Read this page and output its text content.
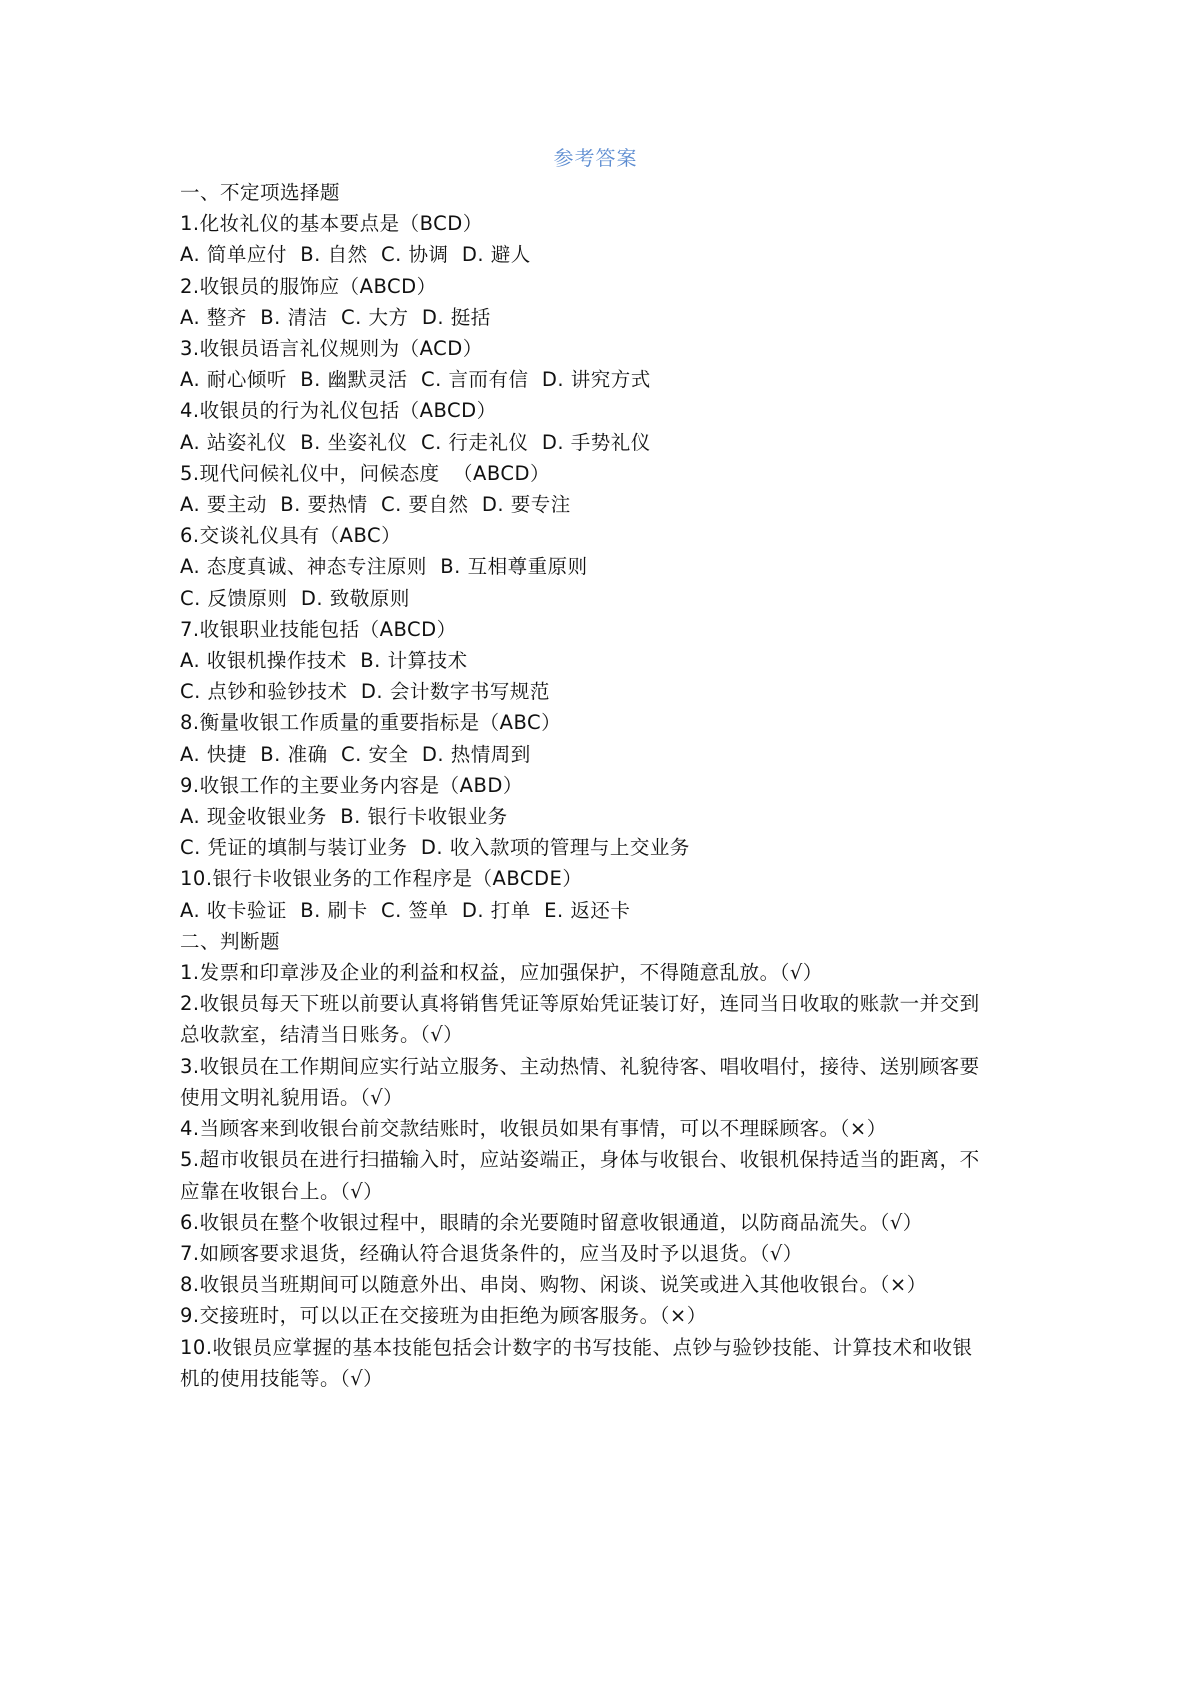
参考答案
一、不定项选择题
1.化妆礼仪的基本要点是（BCD）
A. 简单应付  B. 自然  C. 协调  D. 避人
2.收银员的服饰应（ABCD）
A. 整齐  B. 清洁  C. 大方  D. 挺括
3.收银员语言礼仪规则为（ACD）
A. 耐心倾听  B. 幽默灵活  C. 言而有信  D. 讲究方式
4.收银员的行为礼仪包括（ABCD）
A. 站姿礼仪  B. 坐姿礼仪  C. 行走礼仪  D. 手势礼仪
5.现代问候礼仪中，问候态度  （ABCD）
A. 要主动  B. 要热情  C. 要自然  D. 要专注
6.交谈礼仪具有（ABC）
A. 态度真诚、神态专注原则  B. 互相尊重原则
C. 反馈原则  D. 致敬原则
7.收银职业技能包括（ABCD）
A. 收银机操作技术  B. 计算技术
C. 点钞和验钞技术  D. 会计数字书写规范
8.衡量收银工作质量的重要指标是（ABC）
A. 快捷  B. 准确  C. 安全  D. 热情周到
9.收银工作的主要业务内容是（ABD）
A. 现金收银业务  B. 银行卡收银业务
C. 凭证的填制与装订业务  D. 收入款项的管理与上交业务
10.银行卡收银业务的工作程序是（ABCDE）
A. 收卡验证  B. 刷卡  C. 签单  D. 打单  E. 返还卡
二、判断题
1.发票和印章涉及企业的利益和权益，应加强保护，不得随意乱放。（√）
2.收银员每天下班以前要认真将销售凭证等原始凭证装订好，连同当日收取的账款一并交到
总收款室，结清当日账务。（√）
3.收银员在工作期间应实行站立服务、主动热情、礼貌待客、唱收唱付，接待、送别顾客要
使用文明礼貌用语。（√）
4.当顾客来到收银台前交款结账时，收银员如果有事情，可以不理睬顾客。（×）
5.超市收银员在进行扫描输入时，应站姿端正，身体与收银台、收银机保持适当的距离，不
应靠在收银台上。（√）
6.收银员在整个收银过程中，眼睛的余光要随时留意收银通道，以防商品流失。（√）
7.如顾客要求退货，经确认符合退货条件的，应当及时予以退货。（√）
8.收银员当班期间可以随意外出、串岗、购物、闲谈、说笑或进入其他收银台。（×）
9.交接班时，可以以正在交接班为由拒绝为顾客服务。（×）
10.收银员应掌握的基本技能包括会计数字的书写技能、点钞与验钞技能、计算技术和收银
机的使用技能等。（√）
